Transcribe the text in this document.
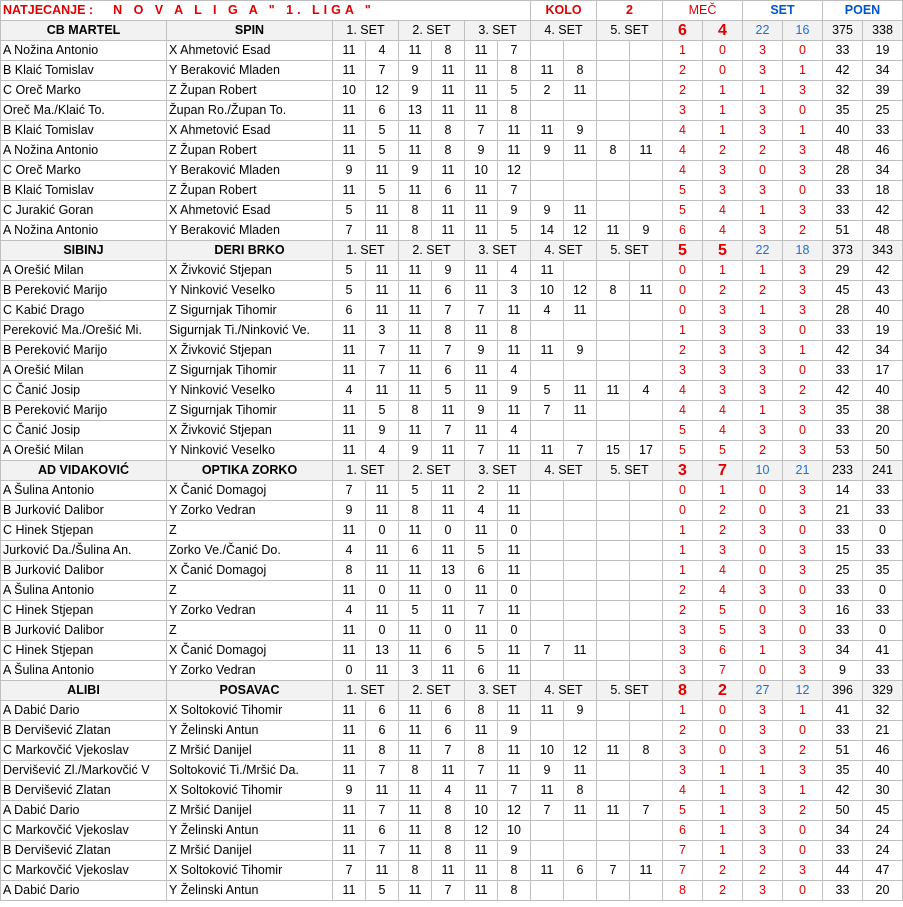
NATJECANJE : N O V A L I G A " 1. LIGA "								KOLO		2		MEČ		SET		POEN	
CB MARTEL	SPIN	1. SET		2. SET		3. SET		4. SET		5. SET		6	4	22	16	375	338
A Nožina Antonio	X Ahmetović Esad	11	4	11	8	11	7					1	0	3	0	33	19
B Klaić Tomislav	Y Beraković Mladen	11	7	9	11	11	8	11	8			2	0	3	1	42	34
C Oreč Marko	Z Župan Robert	10	12	9	11	11	5	2	11			2	1	1	3	32	39
Oreč Ma./Klaić To.	Župan Ro./Župan To.	11	6	13	11	11	8					3	1	3	0	35	25
B Klaić Tomislav	X Ahmetović Esad	11	5	11	8	7	11	11	9			4	1	3	1	40	33
A Nožina Antonio	Z Župan Robert	11	5	11	8	9	11	9	11	8	11	4	2	2	3	48	46
C Oreč Marko	Y Beraković Mladen	9	11	9	11	10	12					4	3	0	3	28	34
B Klaić Tomislav	Z Župan Robert	11	5	11	6	11	7					5	3	3	0	33	18
C Jurakić Goran	X Ahmetović Esad	5	11	8	11	11	9	9	11			5	4	1	3	33	42
A Nožina Antonio	Y Beraković Mladen	7	11	8	11	11	5	14	12	11	9	6	4	3	2	51	48
SIBINJ	DERI BRKO	1. SET		2. SET		3. SET		4. SET		5. SET		5	5	22	18	373	343
A Orešić Milan	X Živković Stjepan	5	11	11	9	11	4	11				0	1	1	3	29	42
B Pereković Marijo	Y Ninković Veselko	5	11	11	6	11	3	10	12	8	11	0	2	2	3	45	43
C Kabić Drago	Z Sigurnjak Tihomir	6	11	11	7	7	11	4	11			0	3	1	3	28	40
Pereković Ma./Orešić Mi.	Sigurnjak Ti./Ninković Ve.	11	3	11	8	11	8					1	3	3	0	33	19
B Pereković Marijo	X Živković Stjepan	11	7	11	7	9	11	11	9			2	3	3	1	42	34
A Orešić Milan	Z Sigurnjak Tihomir	11	7	11	6	11	4					3	3	3	0	33	17
C Čanić Josip	Y Ninković Veselko	4	11	11	5	11	9	5	11	11	4	4	3	3	2	42	40
B Pereković Marijo	Z Sigurnjak Tihomir	11	5	8	11	9	11	7	11			4	4	1	3	35	38
C Čanić Josip	X Živković Stjepan	11	9	11	7	11	4					5	4	3	0	33	20
A Orešić Milan	Y Ninković Veselko	11	4	9	11	7	11	11	7	15	17	5	5	2	3	53	50
AD VIDAKOVIĆ	OPTIKA ZORKO	1. SET		2. SET		3. SET		4. SET		5. SET		3	7	10	21	233	241
A Šulina Antonio	X Čanić Domagoj	7	11	5	11	2	11					0	1	0	3	14	33
B Jurković Dalibor	Y Zorko Vedran	9	11	8	11	4	11					0	2	0	3	21	33
C Hinek Stjepan	Z	11	0	11	0	11	0					1	2	3	0	33	0
Jurković Da./Šulina An.	Zorko Ve./Čanić Do.	4	11	6	11	5	11					1	3	0	3	15	33
B Jurković Dalibor	X Čanić Domagoj	8	11	11	13	6	11					1	4	0	3	25	35
A Šulina Antonio	Z	11	0	11	0	11	0					2	4	3	0	33	0
C Hinek Stjepan	Y Zorko Vedran	4	11	5	11	7	11					2	5	0	3	16	33
B Jurković Dalibor	Z	11	0	11	0	11	0					3	5	3	0	33	0
C Hinek Stjepan	X Čanić Domagoj	11	13	11	6	5	11	7	11			3	6	1	3	34	41
A Šulina Antonio	Y Zorko Vedran	0	11	3	11	6	11					3	7	0	3	9	33
ALIBI	POSAVAC	1. SET		2. SET		3. SET		4. SET		5. SET		8	2	27	12	396	329
A Dabić Dario	X Soltoković Tihomir	11	6	11	6	8	11	11	9			1	0	3	1	41	32
B Dervišević Zlatan	Y Želinski Antun	11	6	11	6	11	9					2	0	3	0	33	21
C Markovčić Vjekoslav	Z Mršić Danijel	11	8	11	7	8	11	10	12	11	8	3	0	3	2	51	46
Dervišević Zl./Markovčić V	Soltoković Ti./Mršić Da.	11	7	8	11	7	11	9	11			3	1	1	3	35	40
B Dervišević Zlatan	X Soltoković Tihomir	9	11	11	4	11	7	11	8			4	1	3	1	42	30
A Dabić Dario	Z Mršić Danijel	11	7	11	8	10	12	7	11	11	7	5	1	3	2	50	45
C Markovčić Vjekoslav	Y Želinski Antun	11	6	11	8	12	10					6	1	3	0	34	24
B Dervišević Zlatan	Z Mršić Danijel	11	7	11	8	11	9					7	1	3	0	33	24
C Markovčić Vjekoslav	X Soltoković Tihomir	7	11	8	11	11	8	11	6	7	11	7	2	2	3	44	47
A Dabić Dario	Y Želinski Antun	11	5	11	7	11	8					8	2	3	0	33	20
